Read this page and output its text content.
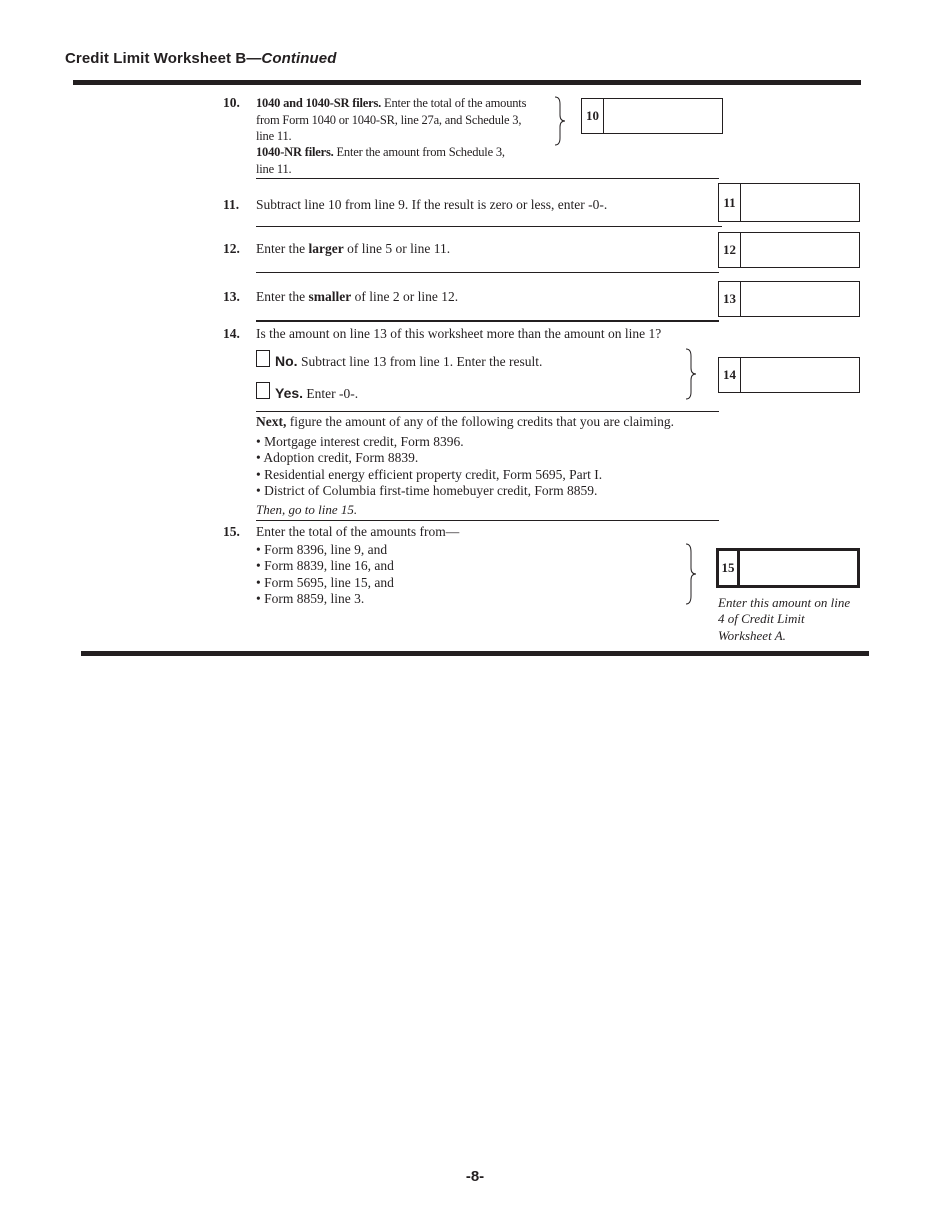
Credit Limit Worksheet B—Continued
10. 1040 and 1040-SR filers. Enter the total of the amounts
from Form 1040 or 1040-SR, line 27a, and Schedule 3,
line 11.
1040-NR filers. Enter the amount from Schedule 3,
line 11.
10
11. Subtract line 10 from line 9. If the result is zero or less, enter -0-.	11
12. Enter the larger of line 5 or line 11.	12
13. Enter the smaller of line 2 or line 12.	13
14. Is the amount on line 13 of this worksheet more than the amount on line 1?
No. Subtract line 13 from line 1. Enter the result.
Yes. Enter -0-.
14
Next, figure the amount of any of the following credits that you are claiming.
• Mortgage interest credit, Form 8396.
• Adoption credit, Form 8839.
• Residential energy efficient property credit, Form 5695, Part I.
• District of Columbia first-time homebuyer credit, Form 8859.
Then, go to line 15.
15. Enter the total of the amounts from—
• Form 8396, line 9, and
• Form 8839, line 16, and
• Form 5695, line 15, and
• Form 8859, line 3.
15
Enter this amount on line 4 of Credit Limit Worksheet A.
-8-
